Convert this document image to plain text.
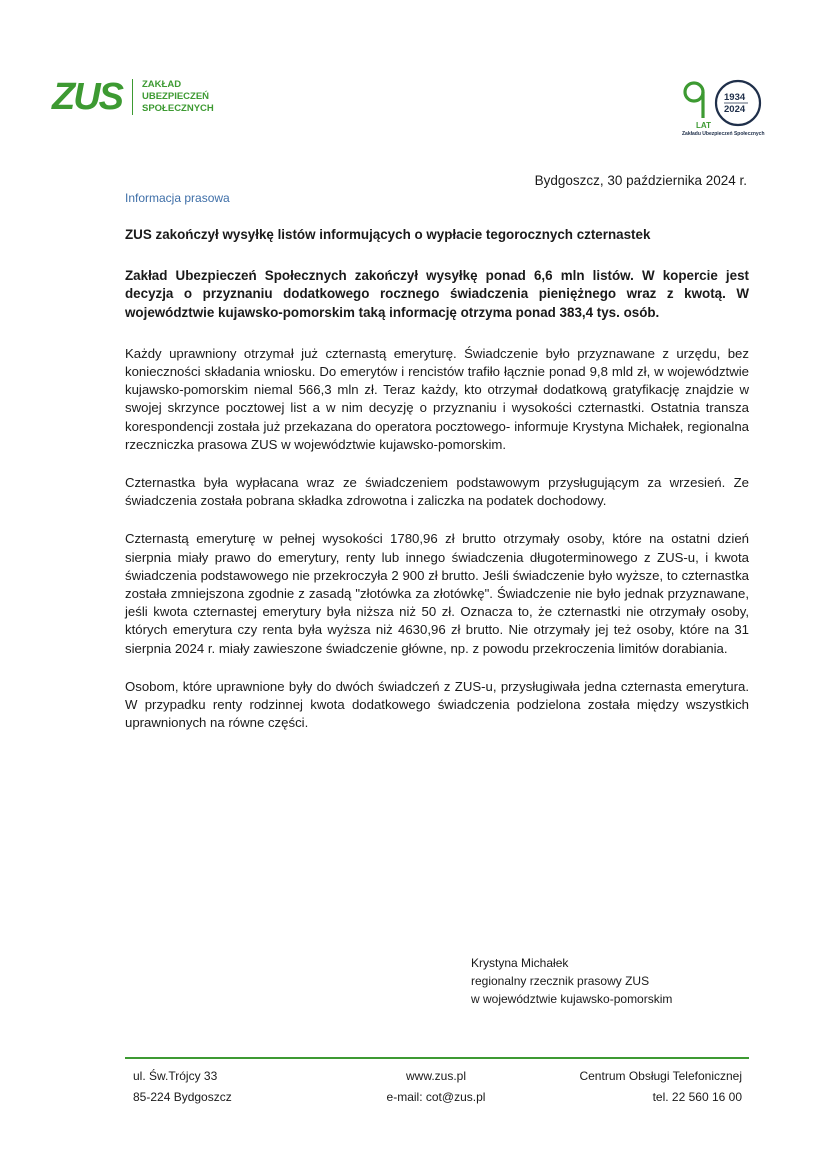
ZUS ZAKŁAD
UBEZPIECZEŃ
SPOŁECZNYCH
LAT
1934
2024
Zakładu Ubezpieczeń Społecznych
Bydgoszcz, 30 października 2024 r.
Informacja prasowa

ZUS zakończył wysyłkę listów informujących o wypłacie tegorocznych czternastek

Zakład Ubezpieczeń Społecznych zakończył wysyłkę ponad 6,6 mln listów. W kopercie jest decyzja o przyznaniu dodatkowego rocznego świadczenia pieniężnego wraz z kwotą. W województwie kujawsko-pomorskim taką informację otrzyma ponad 383,4 tys. osób.

Każdy uprawniony otrzymał już czternastą emeryturę. Świadczenie było przyznawane z urzędu, bez konieczności składania wniosku. Do emerytów i rencistów trafiło łącznie ponad 9,8 mld zł, w województwie kujawsko-pomorskim niemal 566,3 mln zł. Teraz każdy, kto otrzymał dodatkową gratyfikację znajdzie w swojej skrzynce pocztowej list a w nim decyzję o przyznaniu i wysokości czternastki. Ostatnia transza korespondencji została już przekazana do operatora pocztowego- informuje Krystyna Michałek, regionalna rzeczniczka prasowa ZUS w województwie kujawsko-pomorskim.

Czternastka była wypłacana wraz ze świadczeniem podstawowym przysługującym za wrzesień. Ze świadczenia została pobrana składka zdrowotna i zaliczka na podatek dochodowy.

Czternastą emeryturę w pełnej wysokości 1780,96 zł brutto otrzymały osoby, które na ostatni dzień sierpnia miały prawo do emerytury, renty lub innego świadczenia długoterminowego z ZUS-u, i kwota świadczenia podstawowego nie przekroczyła 2 900 zł brutto. Jeśli świadczenie było wyższe, to czternastka została zmniejszona zgodnie z zasadą "złotówka za złotówkę". Świadczenie nie było jednak przyznawane, jeśli kwota czternastej emerytury była niższa niż 50 zł. Oznacza to, że czternastki nie otrzymały osoby, których emerytura czy renta była wyższa niż 4630,96 zł brutto. Nie otrzymały jej też osoby, które na 31 sierpnia 2024 r. miały zawieszone świadczenie główne, np. z powodu przekroczenia limitów dorabiania.

Osobom, które uprawnione były do dwóch świadczeń z ZUS-u, przysługiwała jedna czternasta emerytura. W przypadku renty rodzinnej kwota dodatkowego świadczenia podzielona została między wszystkich uprawnionych na równe części.

Krystyna Michałek
regionalny rzecznik prasowy ZUS
w województwie kujawsko-pomorskim
ul. Św.Trójcy 33
85-224 Bydgoszcz
www.zus.pl
e-mail: cot@zus.pl
Centrum Obsługi Telefonicznej
tel. 22 560 16 00
